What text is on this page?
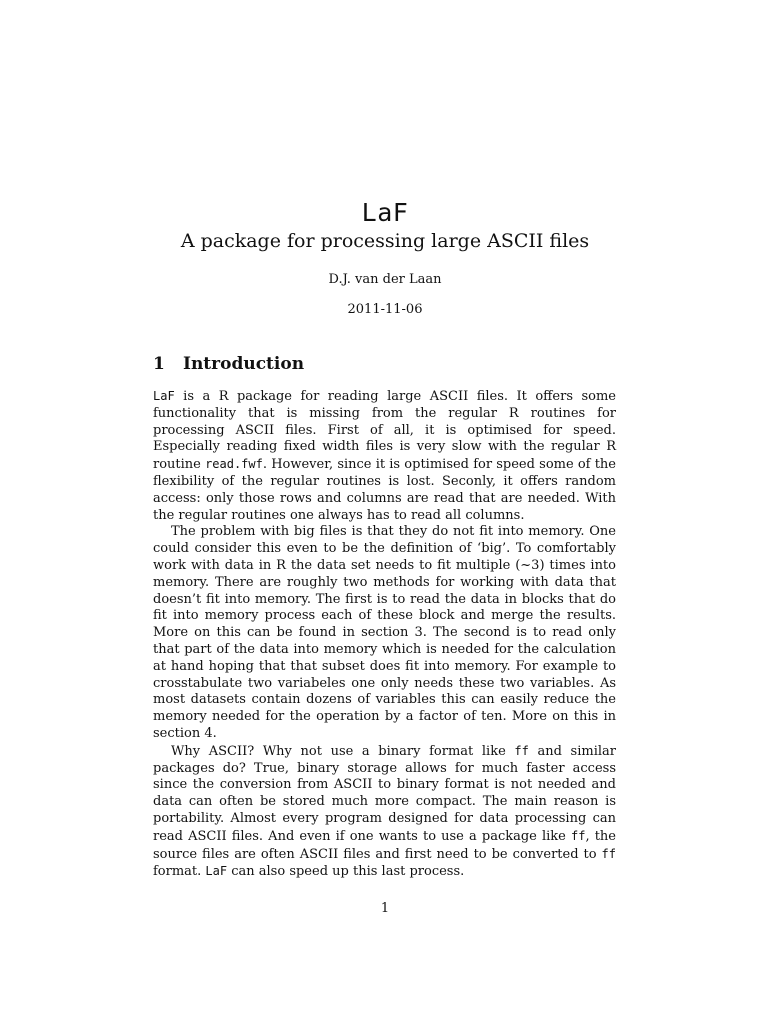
LaF
A package for processing large ASCII files
D.J. van der Laan
2011-11-06
1 Introduction

LaF is a R package for reading large ASCII files. It offers some functionality that is missing from the regular R routines for processing ASCII files. First of all, it is optimised for speed. Especially reading fixed width files is very slow with the regular R routine read.fwf. However, since it is optimised for speed some of the flexibility of the regular routines is lost. Seconly, it offers random access: only those rows and columns are read that are needed. With the regular routines one always has to read all columns.

The problem with big files is that they do not fit into memory. One could consider this even to be the definition of ‘big’. To comfortably work with data in R the data set needs to fit multiple (~3) times into memory. There are roughly two methods for working with data that doesn’t fit into memory. The first is to read the data in blocks that do fit into memory process each of these block and merge the results. More on this can be found in section 3. The second is to read only that part of the data into memory which is needed for the calculation at hand hoping that that subset does fit into memory. For example to crosstabulate two variabeles one only needs these two variables. As most datasets contain dozens of variables this can easily reduce the memory needed for the operation by a factor of ten. More on this in section 4.

Why ASCII? Why not use a binary format like ff and similar packages do? True, binary storage allows for much faster access since the conversion from ASCII to binary format is not needed and data can often be stored much more compact. The main reason is portability. Almost every program designed for data processing can read ASCII files. And even if one wants to use a package like ff, the source files are often ASCII files and first need to be converted to ff format. LaF can also speed up this last process.

1
